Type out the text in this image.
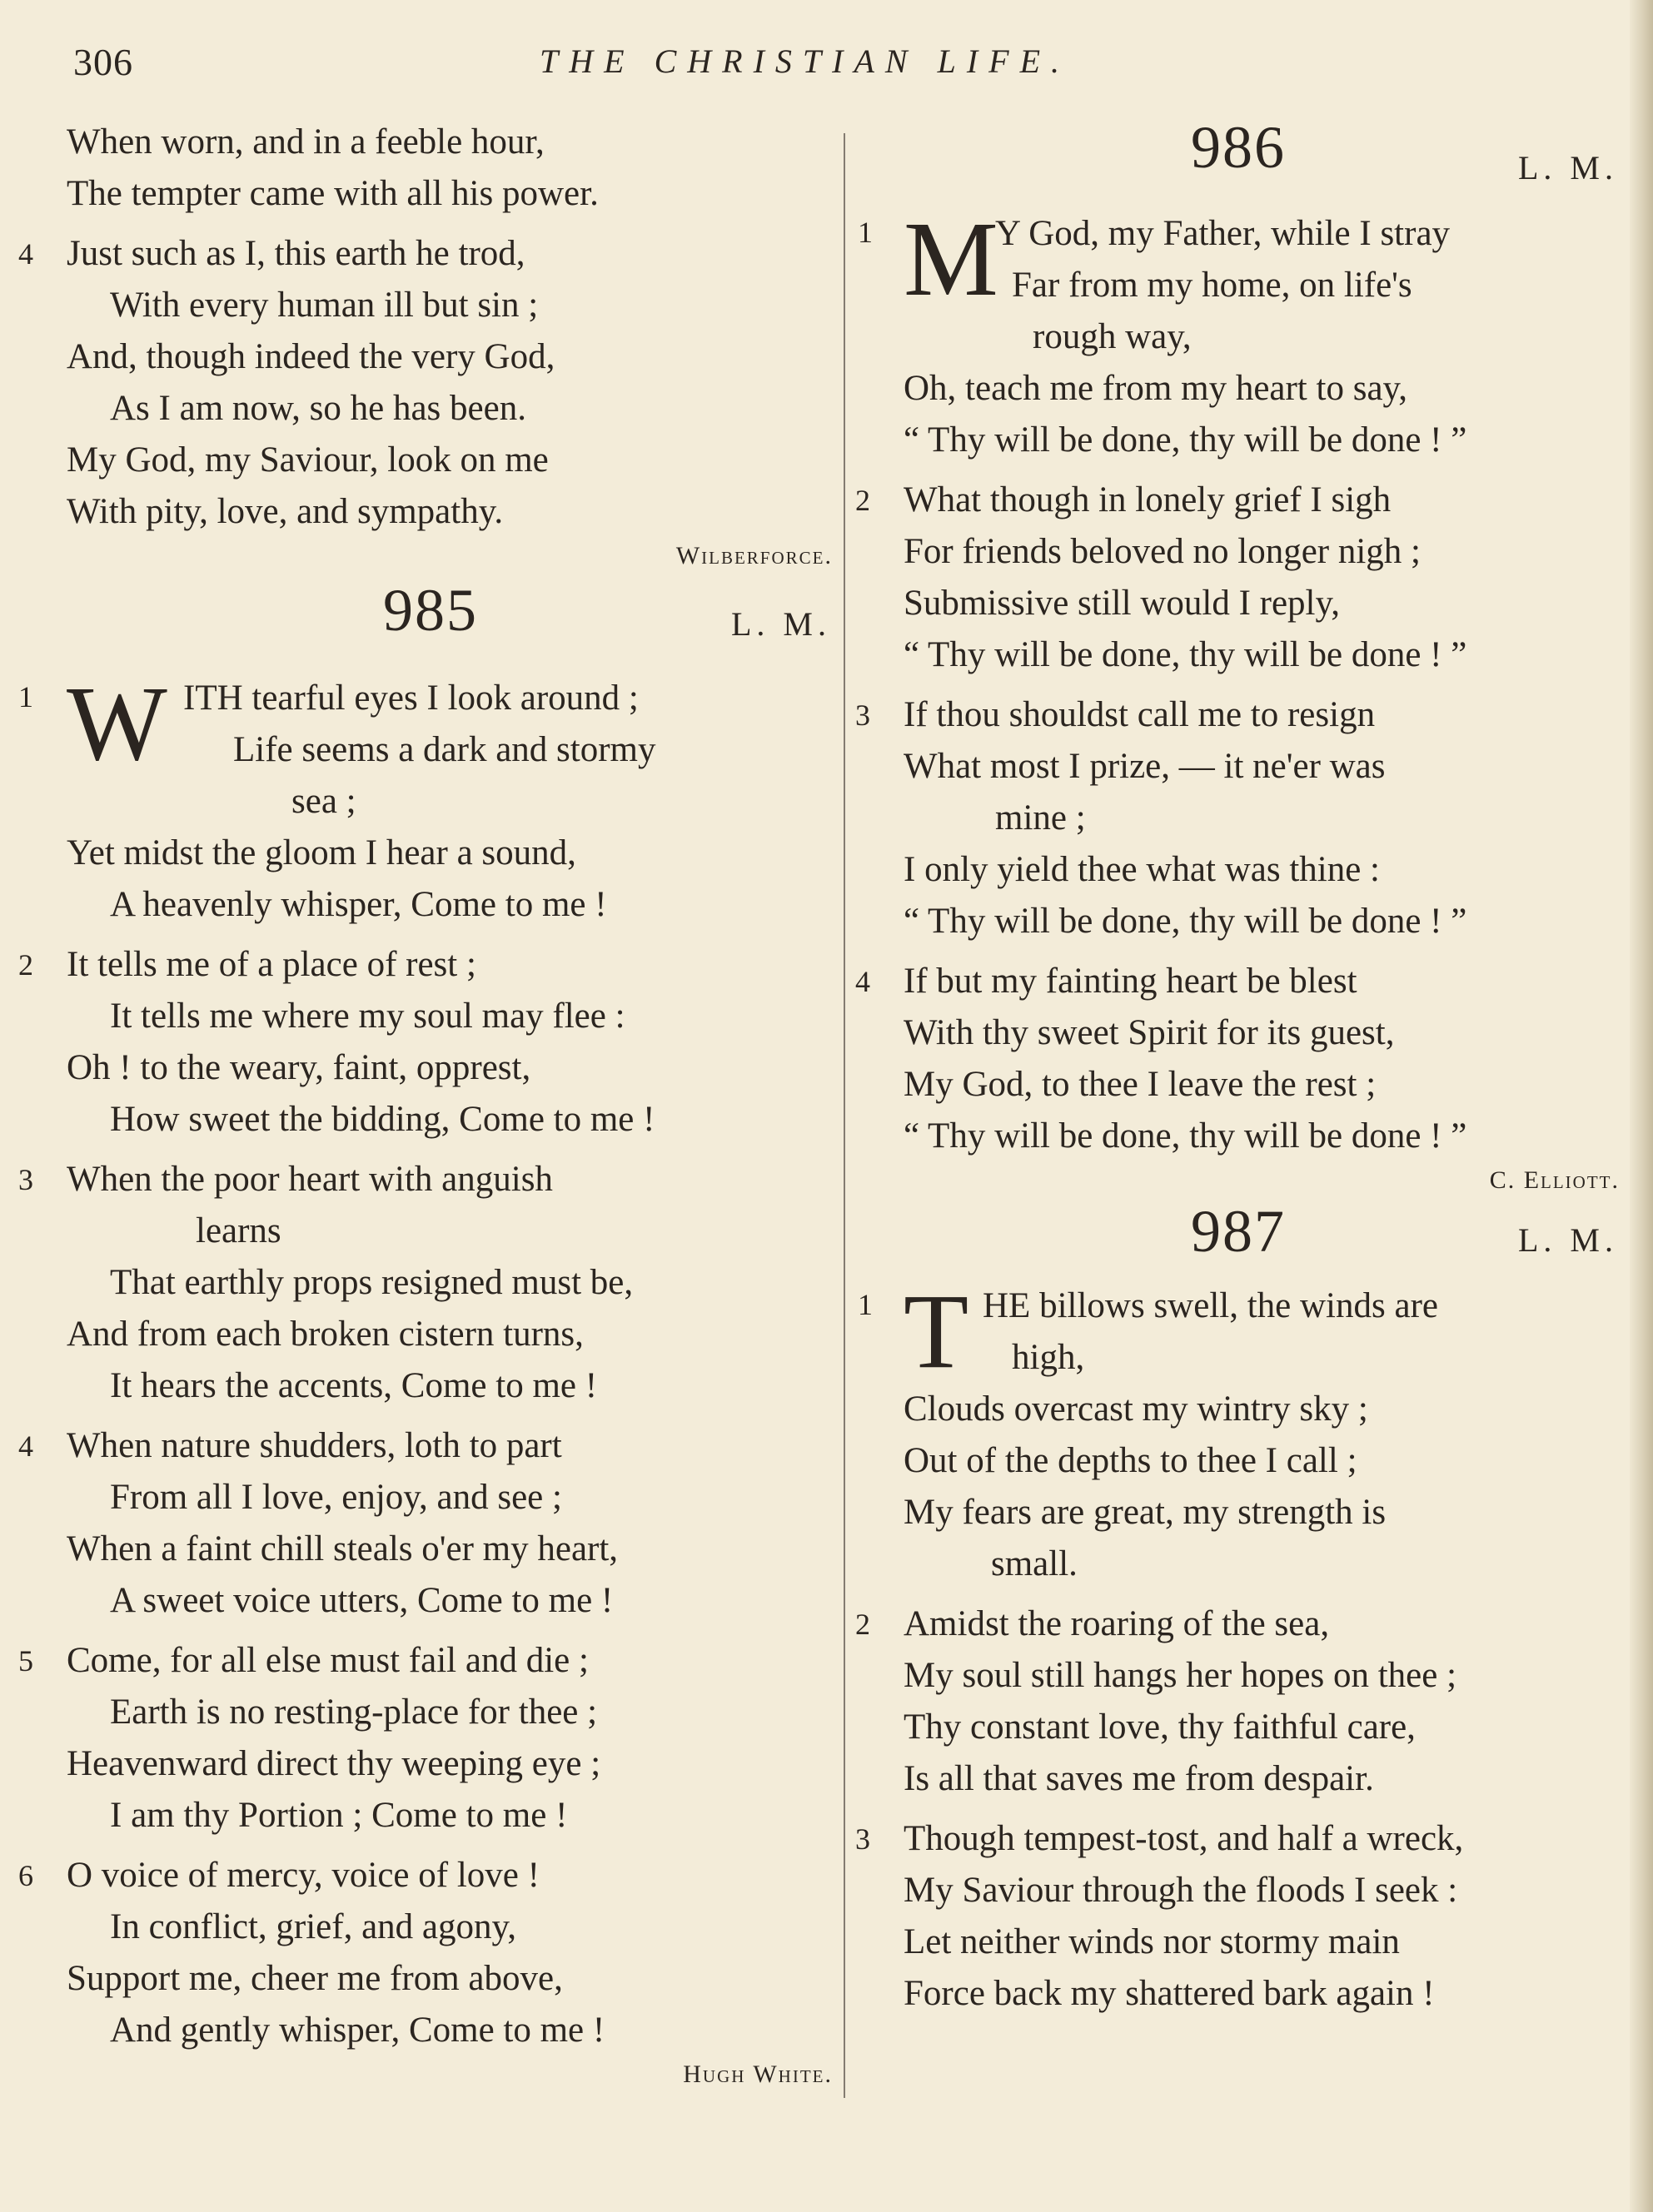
306	THE CHRISTIAN LIFE.
When worn, and in a feeble hour,
The tempter came with all his power.
4 Just such as I, this earth he trod,
With every human ill but sin ;
And, though indeed the very God,
As I am now, so he has been.
My God, my Saviour, look on me
With pity, love, and sympathy.
Wilberforce.
985	L. M.
1 W ITH tearful eyes I look around ;
Life seems a dark and stormy
sea ;
Yet midst the gloom I hear a sound,
A heavenly whisper, Come to me !
2 It tells me of a place of rest ;
It tells me where my soul may flee :
Oh ! to the weary, faint, opprest,
How sweet the bidding, Come to me !
3 When the poor heart with anguish
learns
That earthly props resigned must be,
And from each broken cistern turns,
It hears the accents, Come to me !
4 When nature shudders, loth to part
From all I love, enjoy, and see ;
When a faint chill steals o'er my heart,
A sweet voice utters, Come to me !
5 Come, for all else must fail and die ;
Earth is no resting-place for thee ;
Heavenward direct thy weeping eye ;
I am thy Portion ; Come to me !
6 O voice of mercy, voice of love !
In conflict, grief, and agony,
Support me, cheer me from above,
And gently whisper, Come to me !
Hugh White.
986	L. M.
1 M
Y God, my Father, while I stray
Far from my home, on life's
rough way,
Oh, teach me from my heart to say,
“ Thy will be done, thy will be done ! ”
2 What though in lonely grief I sigh
For friends beloved no longer nigh ;
Submissive still would I reply,
“ Thy will be done, thy will be done ! ”
3 If thou shouldst call me to resign
What most I prize, — it ne'er was
mine ;
I only yield thee what was thine :
“ Thy will be done, thy will be done ! ”
4 If but my fainting heart be blest
With thy sweet Spirit for its guest,
My God, to thee I leave the rest ;
“ Thy will be done, thy will be done ! ”
C. Elliott.
987	L. M.
1 T HE billows swell, the winds are
high,
Clouds overcast my wintry sky ;
Out of the depths to thee I call ;
My fears are great, my strength is
small.
2 Amidst the roaring of the sea,
My soul still hangs her hopes on thee ;
Thy constant love, thy faithful care,
Is all that saves me from despair.
3 Though tempest-tost, and half a wreck,
My Saviour through the floods I seek :
Let neither winds nor stormy main
Force back my shattered bark again !
